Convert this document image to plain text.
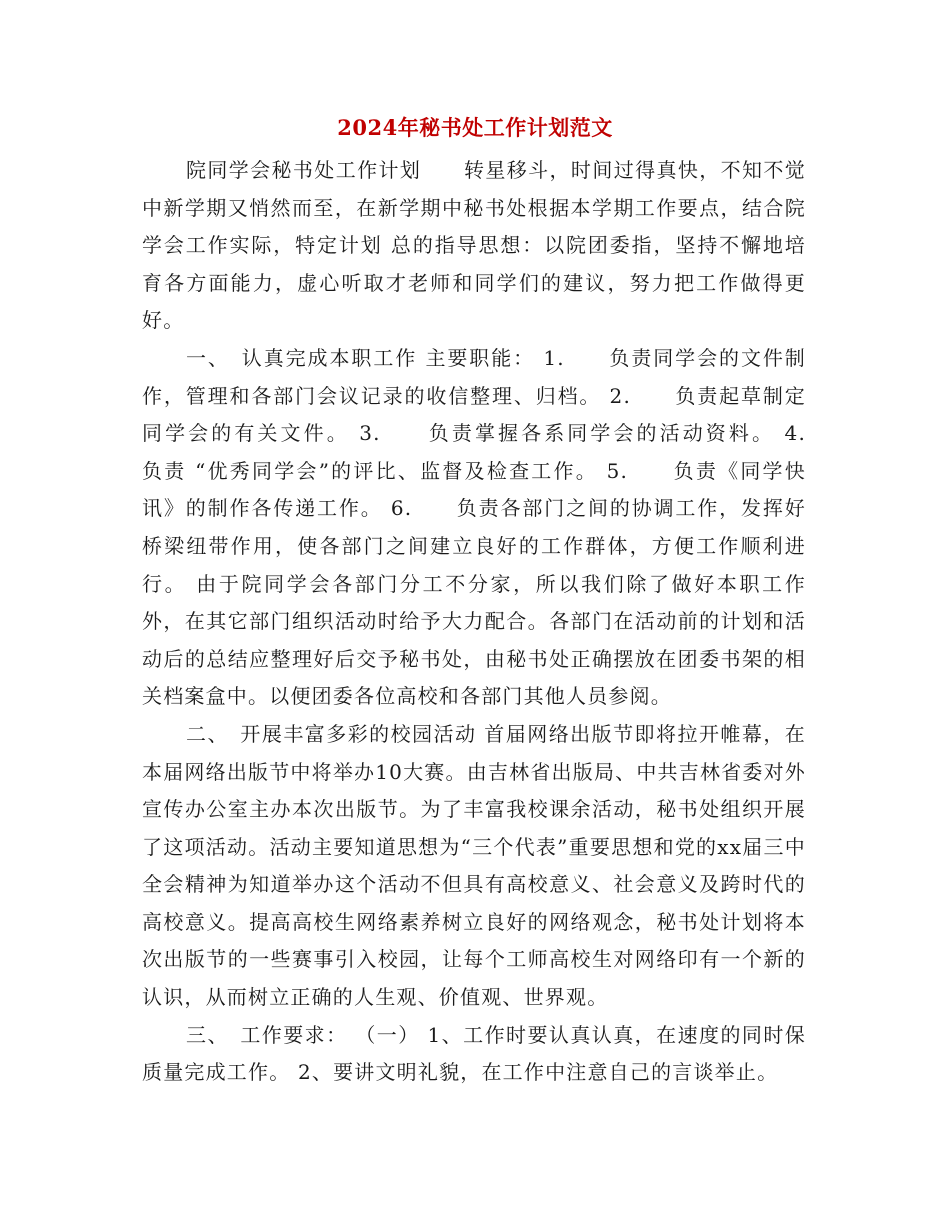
2024年秘书处工作计划范文

院同学会秘书处工作计划　　转星移斗，时间过得真快，不知不觉中新学期又悄然而至，在新学期中秘书处根据本学期工作要点，结合院学会工作实际，特定计划 总的指导思想：以院团委指，坚持不懈地培育各方面能力，虚心听取才老师和同学们的建议，努力把工作做得更好。

一、　认真完成本职工作 主要职能： 1.　　负责同学会的文件制作，管理和各部门会议记录的收信整理、归档。 2.　　负责起草制定同学会的有关文件。 3.　　负责掌握各系同学会的活动资料。 4.　　负责 “优秀同学会”的评比、监督及检查工作。 5.　　负责《同学快讯》的制作各传递工作。 6.　　负责各部门之间的协调工作，发挥好桥梁纽带作用，使各部门之间建立良好的工作群体，方便工作顺利进行。 由于院同学会各部门分工不分家，所以我们除了做好本职工作外，在其它部门组织活动时给予大力配合。各部门在活动前的计划和活动后的总结应整理好后交予秘书处，由秘书处正确摆放在团委书架的相关档案盒中。以便团委各位高校和各部门其他人员参阅。

二、　开展丰富多彩的校园活动 首届网络出版节即将拉开帷幕，在本届网络出版节中将举办10大赛。由吉林省出版局、中共吉林省委对外宣传办公室主办本次出版节。为了丰富我校课余活动，秘书处组织开展了这项活动。活动主要知道思想为“三个代表”重要思想和党的xx届三中全会精神为知道举办这个活动不但具有高校意义、社会意义及跨时代的高校意义。提高高校生网络素养树立良好的网络观念，秘书处计划将本次出版节的一些赛事引入校园，让每个工师高校生对网络印有一个新的认识，从而树立正确的人生观、价值观、世界观。

三、　工作要求： （一） 1、工作时要认真认真，在速度的同时保质量完成工作。 2、要讲文明礼貌，在工作中注意自己的言谈举止。
